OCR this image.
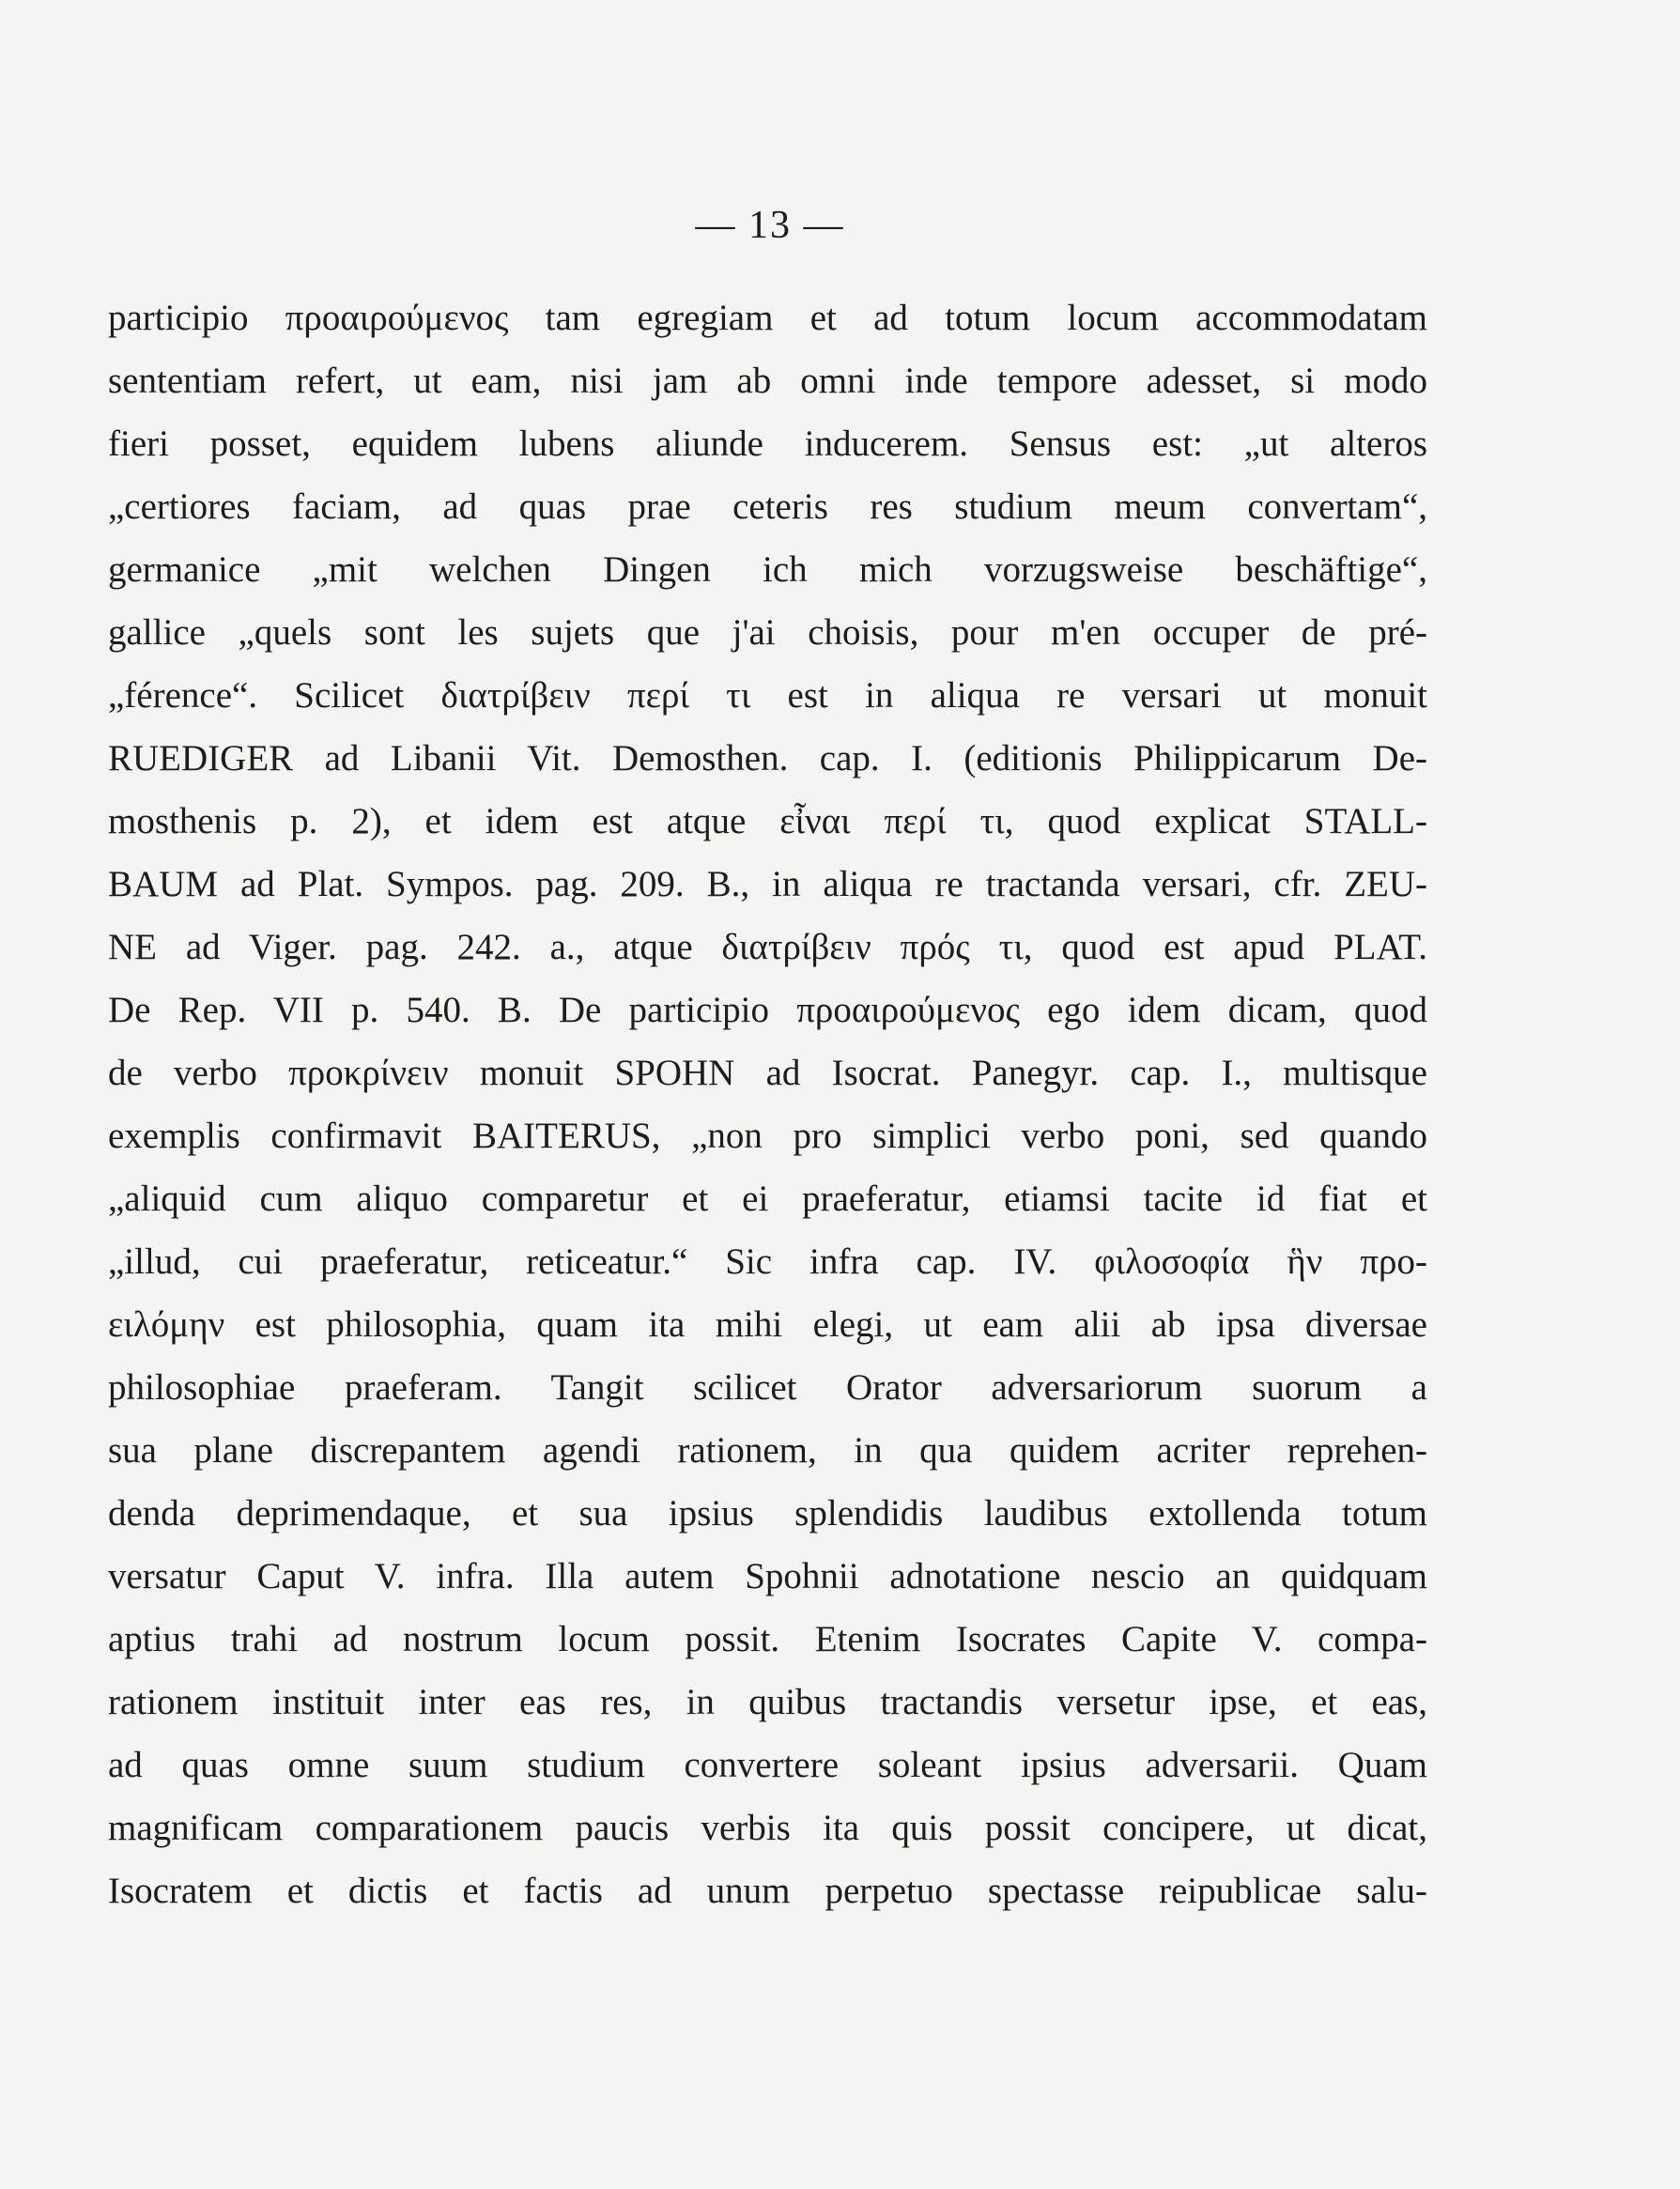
— 13 —
participio προαιρούμενος tam egregiam et ad totum locum accommodatam
sententiam refert, ut eam, nisi jam ab omni inde tempore adesset, si modo
fieri posset, equidem lubens aliunde inducerem. Sensus est: „ut alteros
„certiores faciam, ad quas prae ceteris res studium meum convertam“,
germanice „mit welchen Dingen ich mich vorzugsweise beschäftige“,
gallice „quels sont les sujets que j'ai choisis, pour m'en occuper de pré-
„férence“. Scilicet διατρίβειν περί τι est in aliqua re versari ut monuit
RUEDIGER ad Libanii Vit. Demosthen. cap. I. (editionis Philippicarum De-
mosthenis p. 2), et idem est atque εἶναι περί τι, quod explicat STALL-
BAUM ad Plat. Sympos. pag. 209. B., in aliqua re tractanda versari, cfr. ZEU-
NE ad Viger. pag. 242. a., atque διατρίβειν πρός τι, quod est apud PLAT.
De Rep. VII p. 540. B. De participio προαιρούμενος ego idem dicam, quod
de verbo προκρίνειν monuit SPOHN ad Isocrat. Panegyr. cap. I., multisque
exemplis confirmavit BAITERUS, „non pro simplici verbo poni, sed quando
„aliquid cum aliquo comparetur et ei praeferatur, etiamsi tacite id fiat et
„illud, cui praeferatur, reticeatur.“ Sic infra cap. IV. φιλοσοφία ἣν προ-
ειλόμην est philosophia, quam ita mihi elegi, ut eam alii ab ipsa diversae
philosophiae praeferam. Tangit scilicet Orator adversariorum suorum a
sua plane discrepantem agendi rationem, in qua quidem acriter reprehen-
denda deprimendaque, et sua ipsius splendidis laudibus extollenda totum
versatur Caput V. infra. Illa autem Spohnii adnotatione nescio an quidquam
aptius trahi ad nostrum locum possit. Etenim Isocrates Capite V. compa-
rationem instituit inter eas res, in quibus tractandis versetur ipse, et eas,
ad quas omne suum studium convertere soleant ipsius adversarii. Quam
magnificam comparationem paucis verbis ita quis possit concipere, ut dicat,
Isocratem et dictis et factis ad unum perpetuo spectasse reipublicae salu-
